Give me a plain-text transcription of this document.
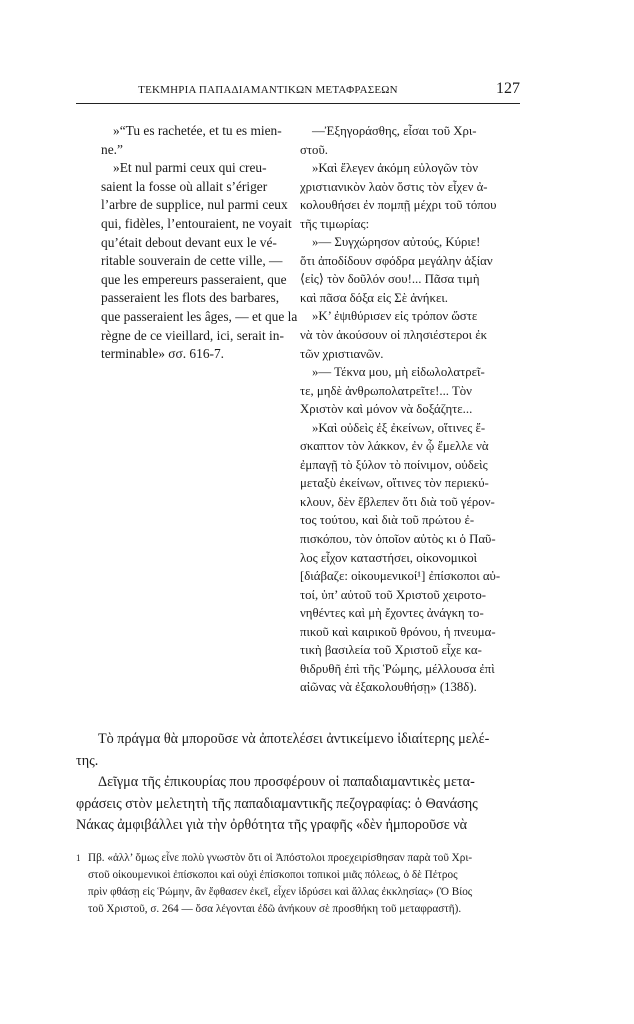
ΤΕΚΜΗΡΙΑ ΠΑΠΑΔΙΑΜΑΝΤΙΚΩΝ ΜΕΤΑΦΡΑΣΕΩΝ	127

»“Tu es rachetée, et tu es mien-

ne.”

»Et nul parmi ceux qui creu-

saient la fosse où allait s’ériger

l’arbre de supplice, nul parmi ceux

qui, fidèles, l’entouraient, ne voyait

qu’était debout devant eux le vé-

ritable souverain de cette ville, —

que les empereurs passeraient, que

passeraient les flots des barbares,

que passeraient les âges, — et que la

règne de ce vieillard, ici, serait in-

terminable» σσ. 616-7.

—Ἐξηγοράσθης, εἶσαι τοῦ Χρι-

στοῦ.

»Καὶ ἔλεγεν ἀκόμη εὐλογῶν τὸν

χριστιανικὸν λαὸν ὅστις τὸν εἶχεν ἀ-

κολουθήσει ἐν πομπῇ μέχρι τοῦ τόπου

τῆς τιμωρίας:

»— Συγχώρησον αὐτούς, Κύριε!

ὅτι ἀποδίδουν σφόδρα μεγάλην ἀξίαν

⟨εἰς⟩ τὸν δοῦλόν σου!... Πᾶσα τιμὴ

καὶ πᾶσα δόξα εἰς Σὲ ἀνήκει.

»Κ’ ἐψιθύρισεν εἰς τρόπον ὥστε

νὰ τὸν ἀκούσουν οἱ πλησιέστεροι ἐκ

τῶν χριστιανῶν.

»— Τέκνα μου, μὴ εἰδωλολατρεῖ-

τε, μηδὲ ἀνθρωπολατρεῖτε!... Τὸν

Χριστὸν καὶ μόνον νὰ δοξάζητε...

»Καὶ οὐδεὶς ἐξ ἐκείνων, οἵτινες ἔ-

σκαπτον τὸν λάκκον, ἐν ᾧ ἔμελλε νὰ

ἐμπαγῇ τὸ ξύλον τὸ ποίνιμον, οὐδεὶς

μεταξὺ ἐκείνων, οἵτινες τὸν περιεκύ-

κλουν, δὲν ἔβλεπεν ὅτι διὰ τοῦ γέρον-

τος τούτου, καὶ διὰ τοῦ πρώτου ἐ-

πισκόπου, τὸν ὁποῖον αὐτὸς κι ὁ Παῦ-

λος εἶχον καταστήσει, οἰκονομικοὶ

[διάβαζε: οἰκουμενικοί¹] ἐπίσκοποι αὐ-

τοί, ὑπ’ αὐτοῦ τοῦ Χριστοῦ χειροτο-

νηθέντες καὶ μὴ ἔχοντες ἀνάγκη το-

πικοῦ καὶ καιρικοῦ θρόνου, ἡ πνευμα-

τικὴ βασιλεία τοῦ Χριστοῦ εἶχε κα-

θιδρυθῆ ἐπὶ τῆς Ῥώμης, μέλλουσα ἐπὶ

αἰῶνας νὰ ἐξακολουθήσῃ» (138δ).

Τὸ πράγμα θὰ μποροῦσε νὰ ἀποτελέσει ἀντικείμενο ἰδιαίτερης μελέ-

της.

Δεῖγμα τῆς ἐπικουρίας που προσφέρουν οἱ παπαδιαμαντικὲς μετα-

φράσεις στὸν μελετητὴ τῆς παπαδιαμαντικῆς πεζογραφίας: ὁ Θανάσης

Νάκας ἀμφιβάλλει γιὰ τὴν ὀρθότητα τῆς γραφῆς «δὲν ἠμποροῦσε νὰ

1 Πβ. «ἀλλ’ ὅμως εἶνε πολὺ γνωστὸν ὅτι οἱ Ἀπόστολοι προεχειρίσθησαν παρὰ τοῦ Χρι-

στοῦ οἰκουμενικοὶ ἐπίσκοποι καὶ οὐχὶ ἐπίσκοποι τοπικοὶ μιᾶς πόλεως, ὁ δὲ Πέτρος

πρὶν φθάσῃ εἰς Ῥώμην, ἂν ἔφθασεν ἐκεῖ, εἶχεν ἱδρύσει καὶ ἄλλας ἐκκλησίας» (Ὁ Βίος

τοῦ Χριστοῦ, σ. 264 — ὅσα λέγονται ἐδῶ ἀνήκουν σὲ προσθήκη τοῦ μεταφραστῆ).
